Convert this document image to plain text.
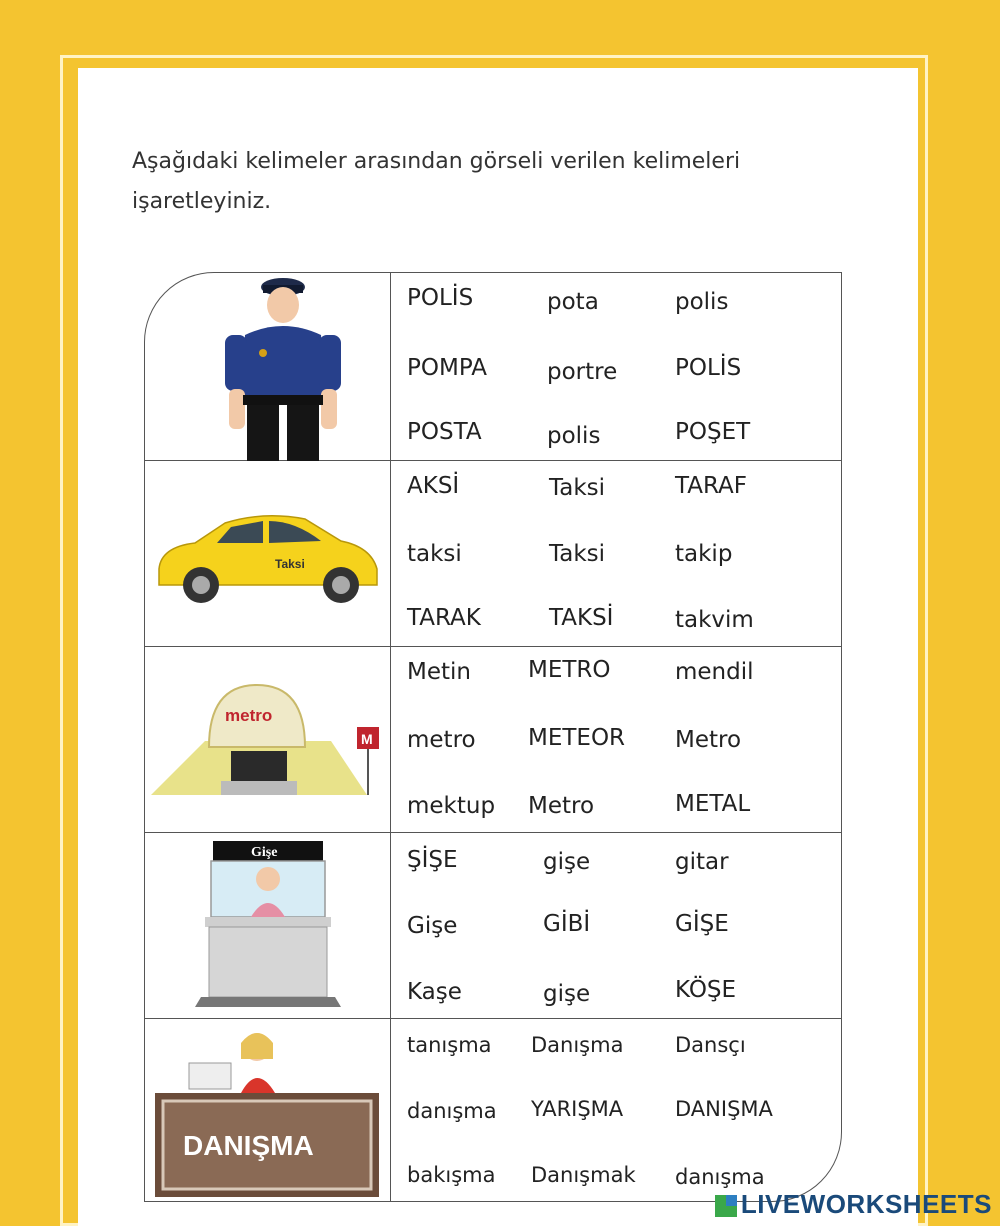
Aşağıdaki kelimeler arasından görseli verilen kelimeleri işaretleyiniz.
POLİS	pota	polis
POMPA	portre	POLİS
POSTA	polis	POŞET
Taksi
AKSİ	Taksi	TARAF
taksi	Taksi	takip
TARAK	TAKSİ	takvim
metro
M
Metin METRO	mendil
metro METEOR Metro
mektup Metro	METAL
Gişe	ŞİŞE	gişe	gitar
Gişe	GİBİ	GİŞE
Kaşe	gişe	KÖŞE
DANIŞMA
tanışma Danışma Dansçı
danışma YARIŞMA DANIŞMA
bakışma Danışmak danışma
LIVEWORKSHEETS
